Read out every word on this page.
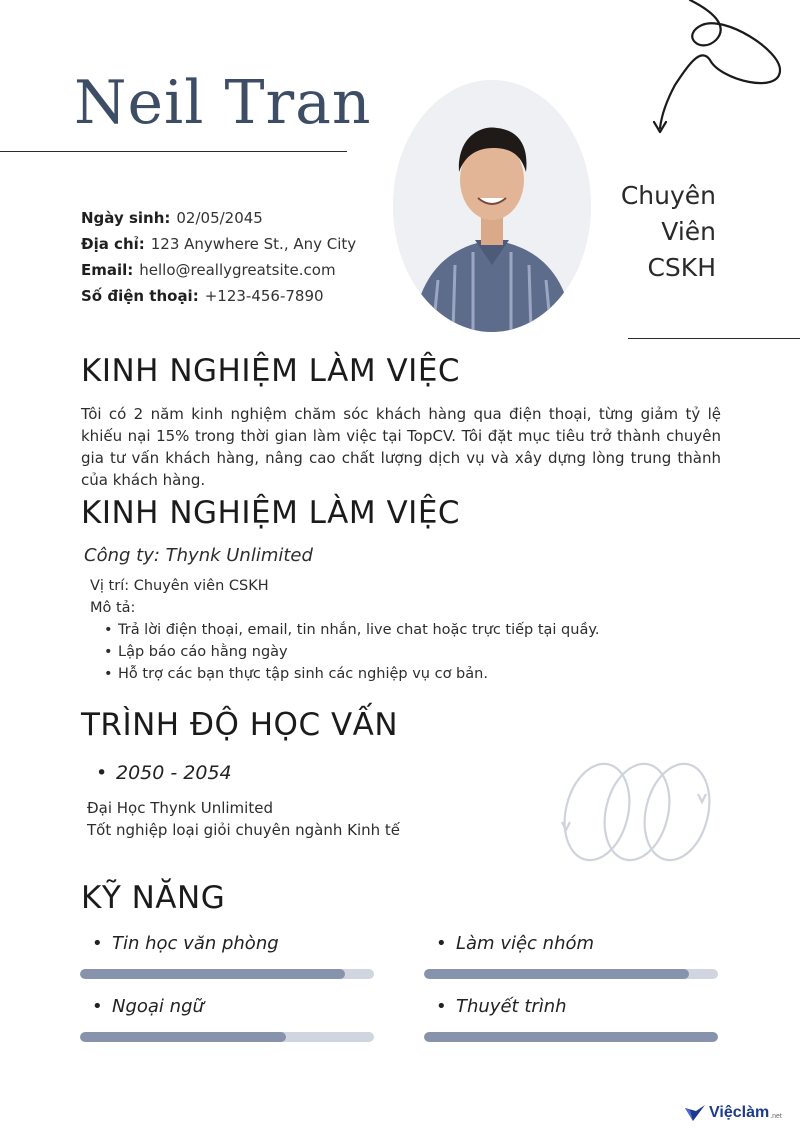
Neil Tran
Chuyên
Viên
CSKH
Ngày sinh: 02/05/2045
Địa chỉ: 123 Anywhere St., Any City
Email: hello@reallygreatsite.com
Số điện thoại: +123-456-7890
KINH NGHIỆM LÀM VIỆC
Tôi có 2 năm kinh nghiệm chăm sóc khách hàng qua điện thoại, từng giảm tỷ lệ khiếu nại 15% trong thời gian làm việc tại TopCV. Tôi đặt mục tiêu trở thành chuyên gia tư vấn khách hàng, nâng cao chất lượng dịch vụ và xây dựng lòng trung thành của khách hàng.
KINH NGHIỆM LÀM VIỆC
Công ty: Thynk Unlimited
Vị trí: Chuyên viên CSKH
Mô tả:
• Trả lời điện thoại, email, tin nhắn, live chat hoặc trực tiếp tại quầy.
• Lập báo cáo hằng ngày
• Hỗ trợ các bạn thực tập sinh các nghiệp vụ cơ bản.
TRÌNH ĐỘ HỌC VẤN
• 2050 - 2054
Đại Học Thynk Unlimited
Tốt nghiệp loại giỏi chuyên ngành Kinh tế
KỸ NĂNG
• Tin học văn phòng	• Làm việc nhóm
• Ngoại ngữ	• Thuyết trình
Việclàm .net
